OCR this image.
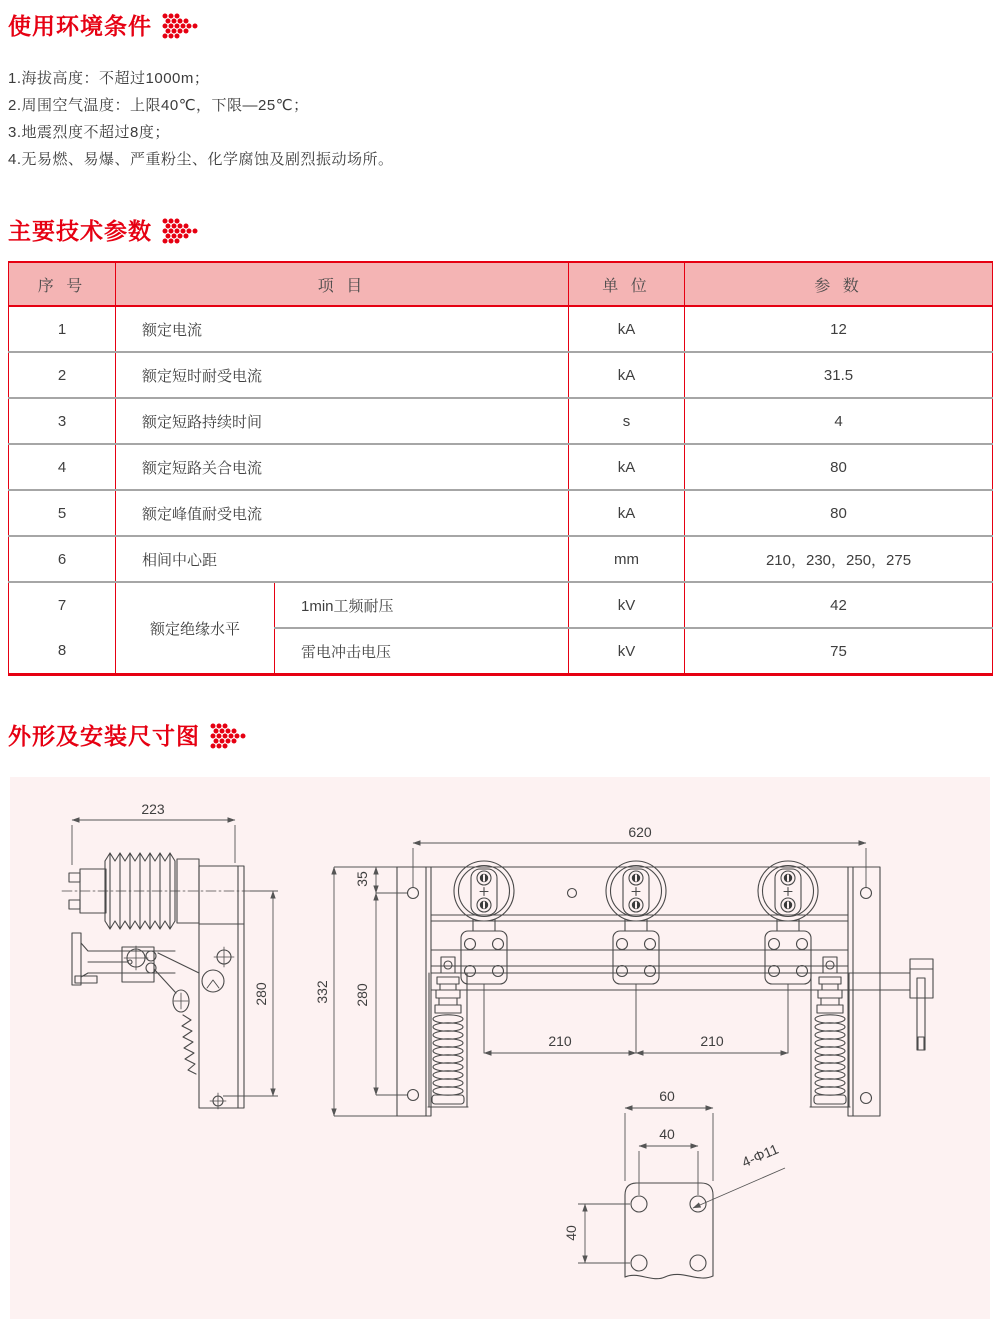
使用环境条件
1.海拔高度：不超过1000m；
2.周围空气温度：上限40℃，下限—25℃；
3.地震烈度不超过8度；
4.无易燃、易爆、严重粉尘、化学腐蚀及剧烈振动场所。
主要技术参数
序 号	项 目		单 位	参 数
1	额定电流		kA	12
2	额定短时耐受电流		kA	31.5
3	额定短路持续时间		s	4
4	额定短路关合电流		kA	80
5	额定峰值耐受电流		kA	80
6	相间中心距		mm	210，230，250，275
7	额定绝缘水平	1min工频耐压	kV	42
8		雷电冲击电压	kV	75
外形及安装尺寸图
223
280	332
620
35
280
210	210
60
40
40
4-Φ11
